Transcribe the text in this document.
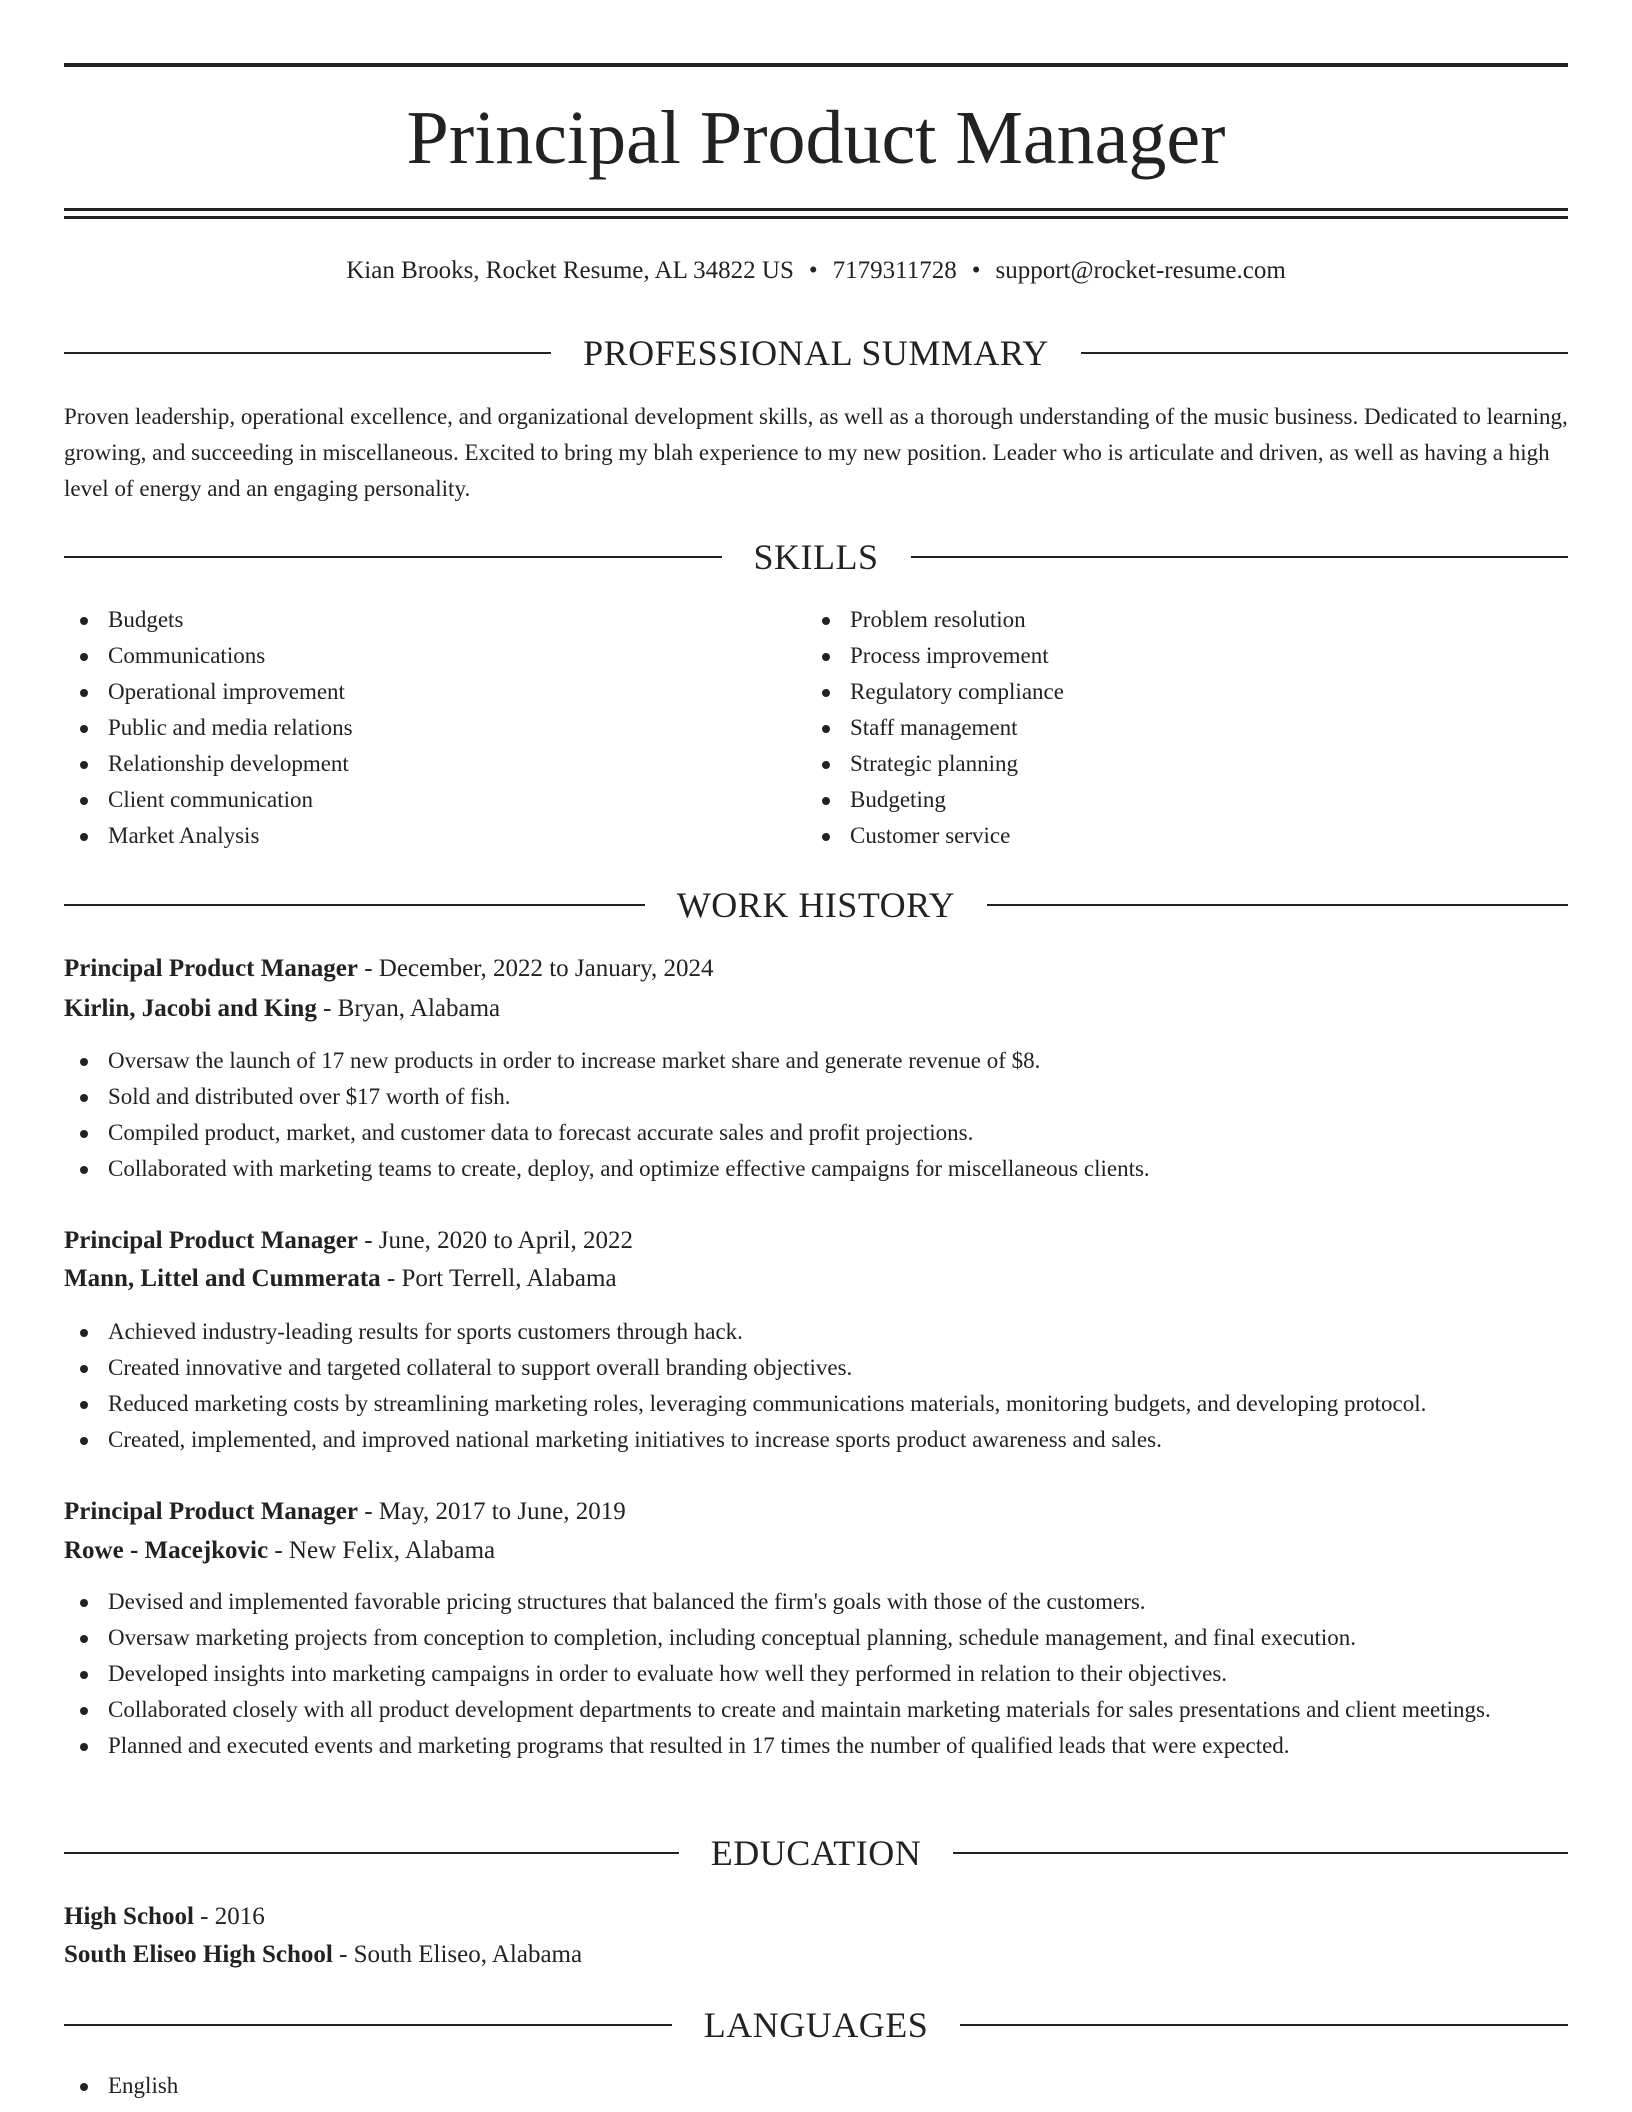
Principal Product Manager
Kian Brooks, Rocket Resume, AL 34822 US • 7179311728 • support@rocket-resume.com
PROFESSIONAL SUMMARY
Proven leadership, operational excellence, and organizational development skills, as well as a thorough understanding of the music business. Dedicated to learning, growing, and succeeding in miscellaneous. Excited to bring my blah experience to my new position. Leader who is articulate and driven, as well as having a high level of energy and an engaging personality.
SKILLS
Budgets
Communications
Operational improvement
Public and media relations
Relationship development
Client communication
Market Analysis
Problem resolution
Process improvement
Regulatory compliance
Staff management
Strategic planning
Budgeting
Customer service
WORK HISTORY
Principal Product Manager - December, 2022 to January, 2024
Kirlin, Jacobi and King - Bryan, Alabama
Oversaw the launch of 17 new products in order to increase market share and generate revenue of $8.
Sold and distributed over $17 worth of fish.
Compiled product, market, and customer data to forecast accurate sales and profit projections.
Collaborated with marketing teams to create, deploy, and optimize effective campaigns for miscellaneous clients.
Principal Product Manager - June, 2020 to April, 2022
Mann, Littel and Cummerata - Port Terrell, Alabama
Achieved industry-leading results for sports customers through hack.
Created innovative and targeted collateral to support overall branding objectives.
Reduced marketing costs by streamlining marketing roles, leveraging communications materials, monitoring budgets, and developing protocol.
Created, implemented, and improved national marketing initiatives to increase sports product awareness and sales.
Principal Product Manager - May, 2017 to June, 2019
Rowe - Macejkovic - New Felix, Alabama
Devised and implemented favorable pricing structures that balanced the firm's goals with those of the customers.
Oversaw marketing projects from conception to completion, including conceptual planning, schedule management, and final execution.
Developed insights into marketing campaigns in order to evaluate how well they performed in relation to their objectives.
Collaborated closely with all product development departments to create and maintain marketing materials for sales presentations and client meetings.
Planned and executed events and marketing programs that resulted in 17 times the number of qualified leads that were expected.
EDUCATION
High School - 2016
South Eliseo High School - South Eliseo, Alabama
LANGUAGES
English
